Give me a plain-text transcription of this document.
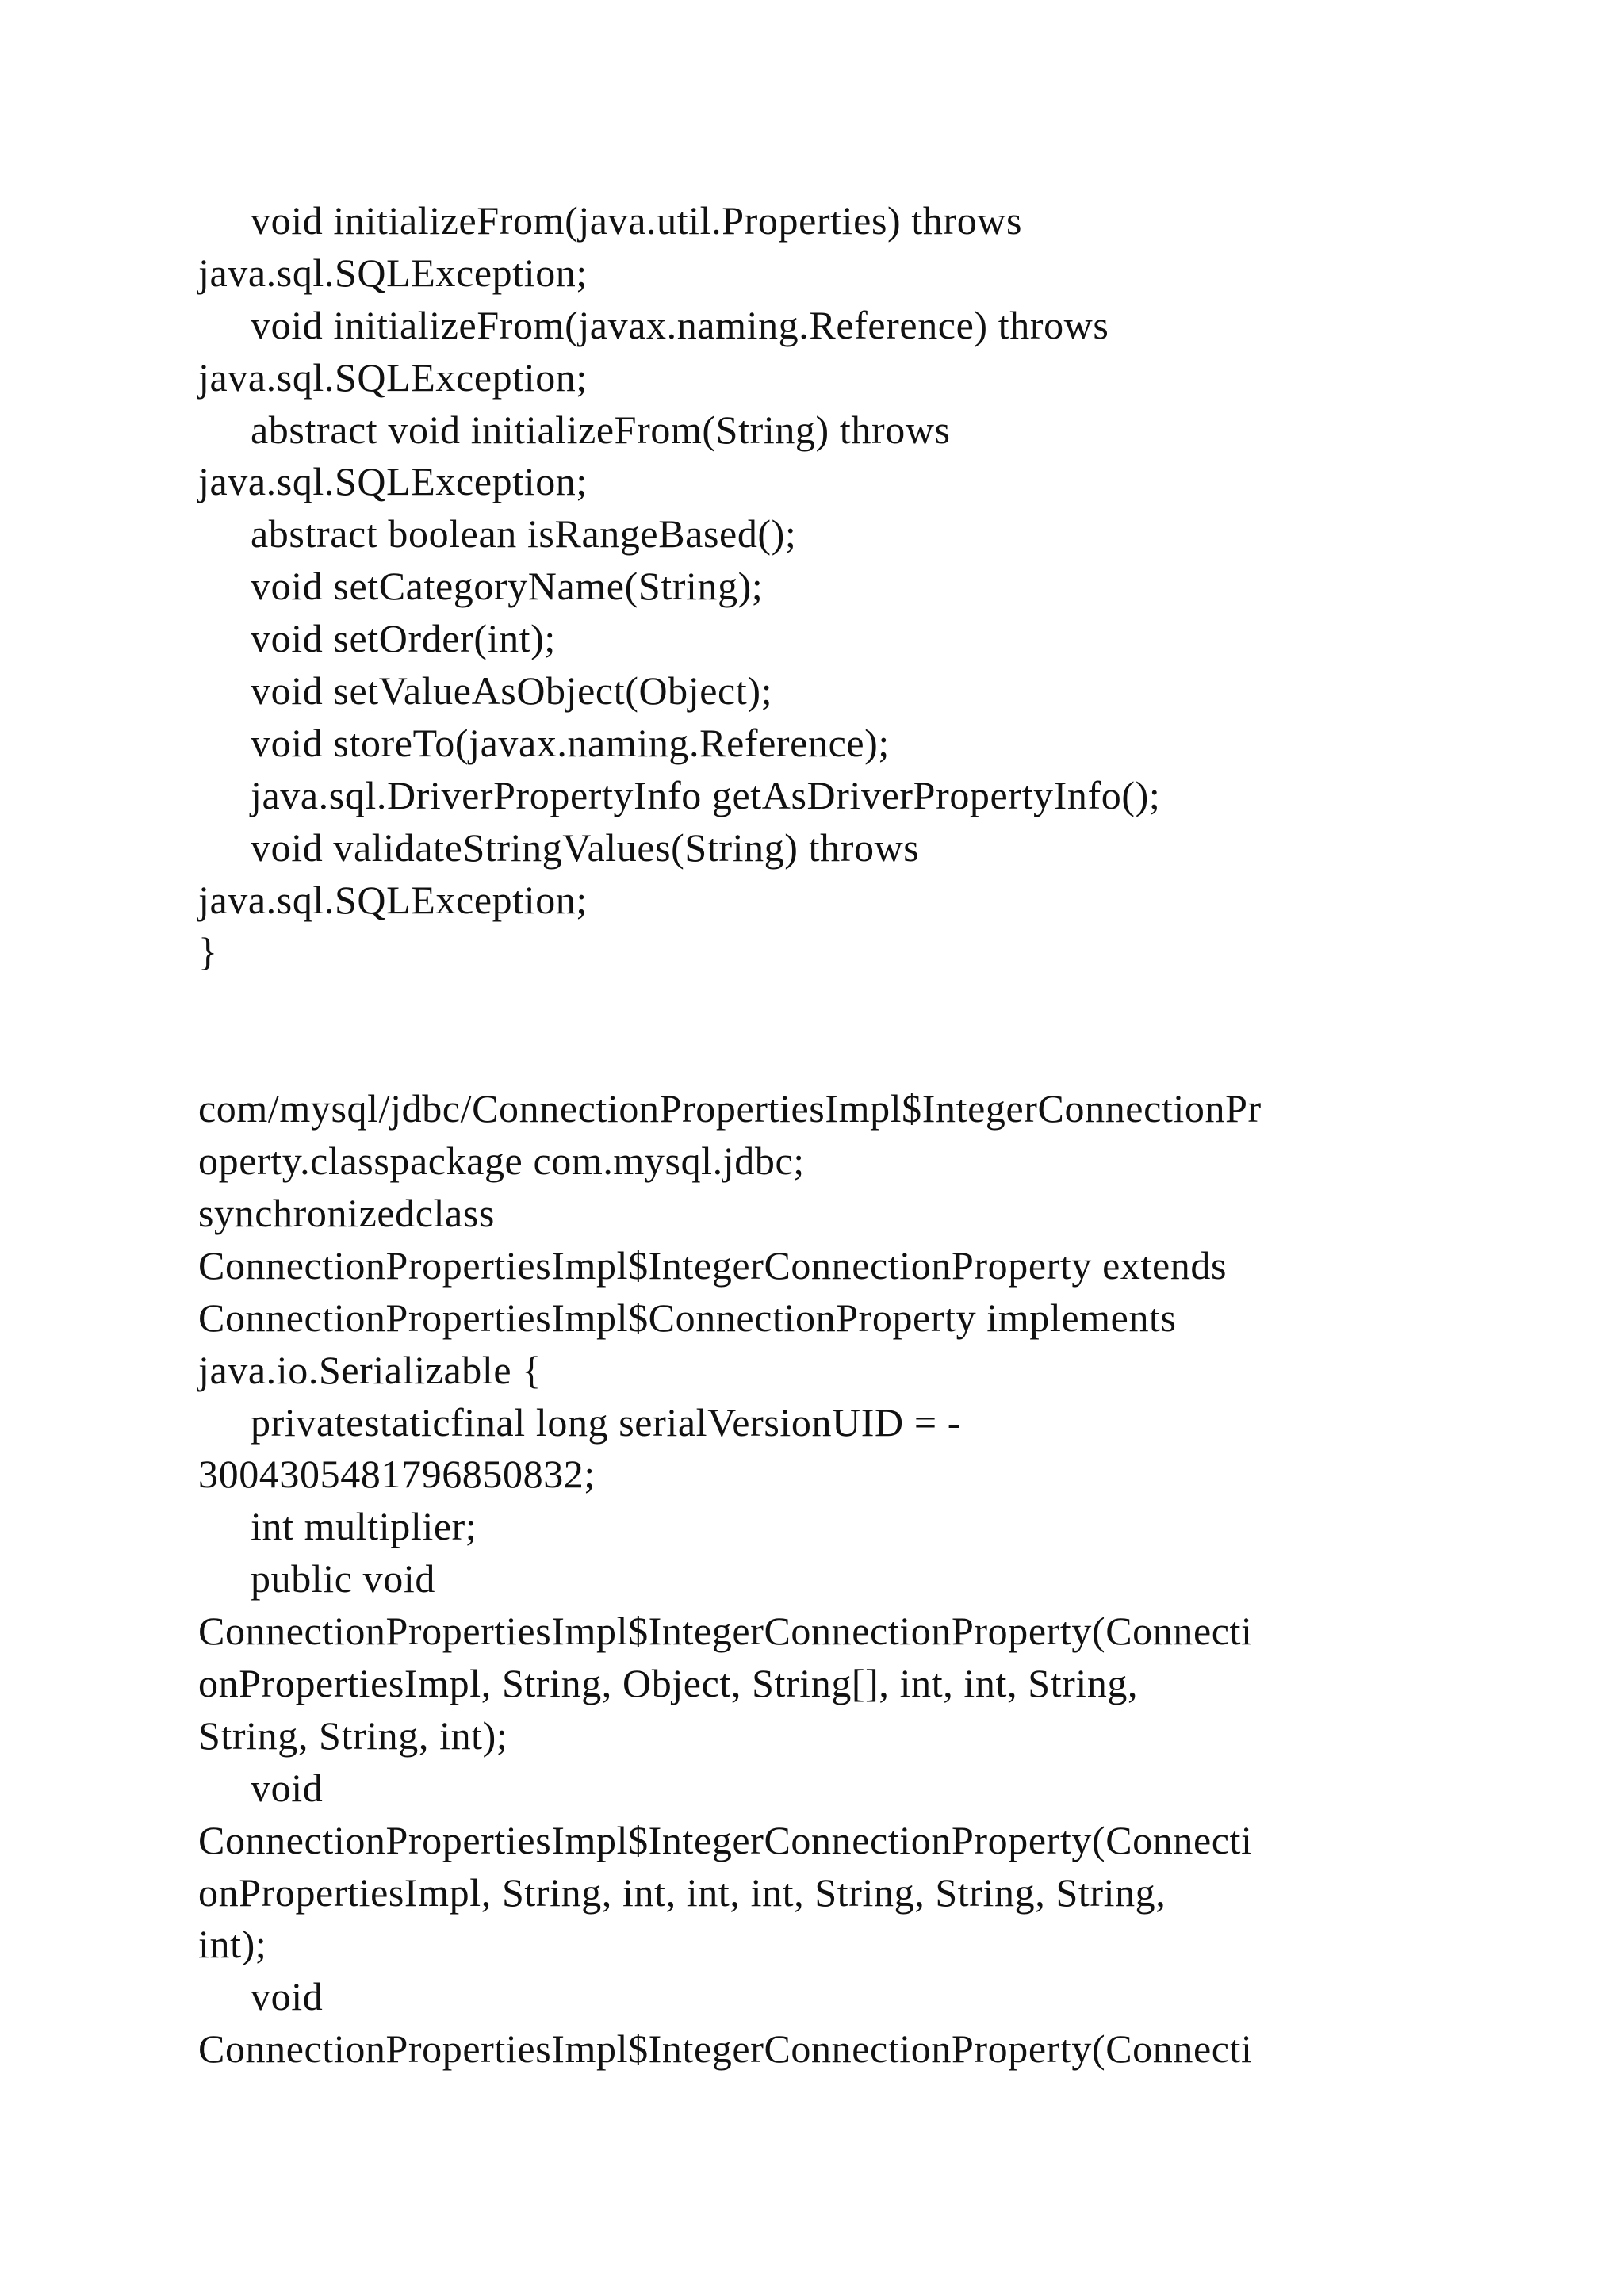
void initializeFrom(java.util.Properties) throws
java.sql.SQLException;
void initializeFrom(javax.naming.Reference) throws
java.sql.SQLException;
abstract void initializeFrom(String) throws
java.sql.SQLException;
abstract boolean isRangeBased();
void setCategoryName(String);
void setOrder(int);
void setValueAsObject(Object);
void storeTo(javax.naming.Reference);
java.sql.DriverPropertyInfo getAsDriverPropertyInfo();
void validateStringValues(String) throws
java.sql.SQLException;
}
com/mysql/jdbc/ConnectionPropertiesImpl$IntegerConnectionPr
operty.classpackage com.mysql.jdbc;
synchronizedclass
ConnectionPropertiesImpl$IntegerConnectionProperty extends
ConnectionPropertiesImpl$ConnectionProperty implements
java.io.Serializable {
privatestaticfinal long serialVersionUID = -
3004305481796850832;
int multiplier;
public void
ConnectionPropertiesImpl$IntegerConnectionProperty(Connecti
onPropertiesImpl, String, Object, String[], int, int, String,
String, String, int);
void
ConnectionPropertiesImpl$IntegerConnectionProperty(Connecti
onPropertiesImpl, String, int, int, int, String, String, String,
int);
void
ConnectionPropertiesImpl$IntegerConnectionProperty(Connecti
